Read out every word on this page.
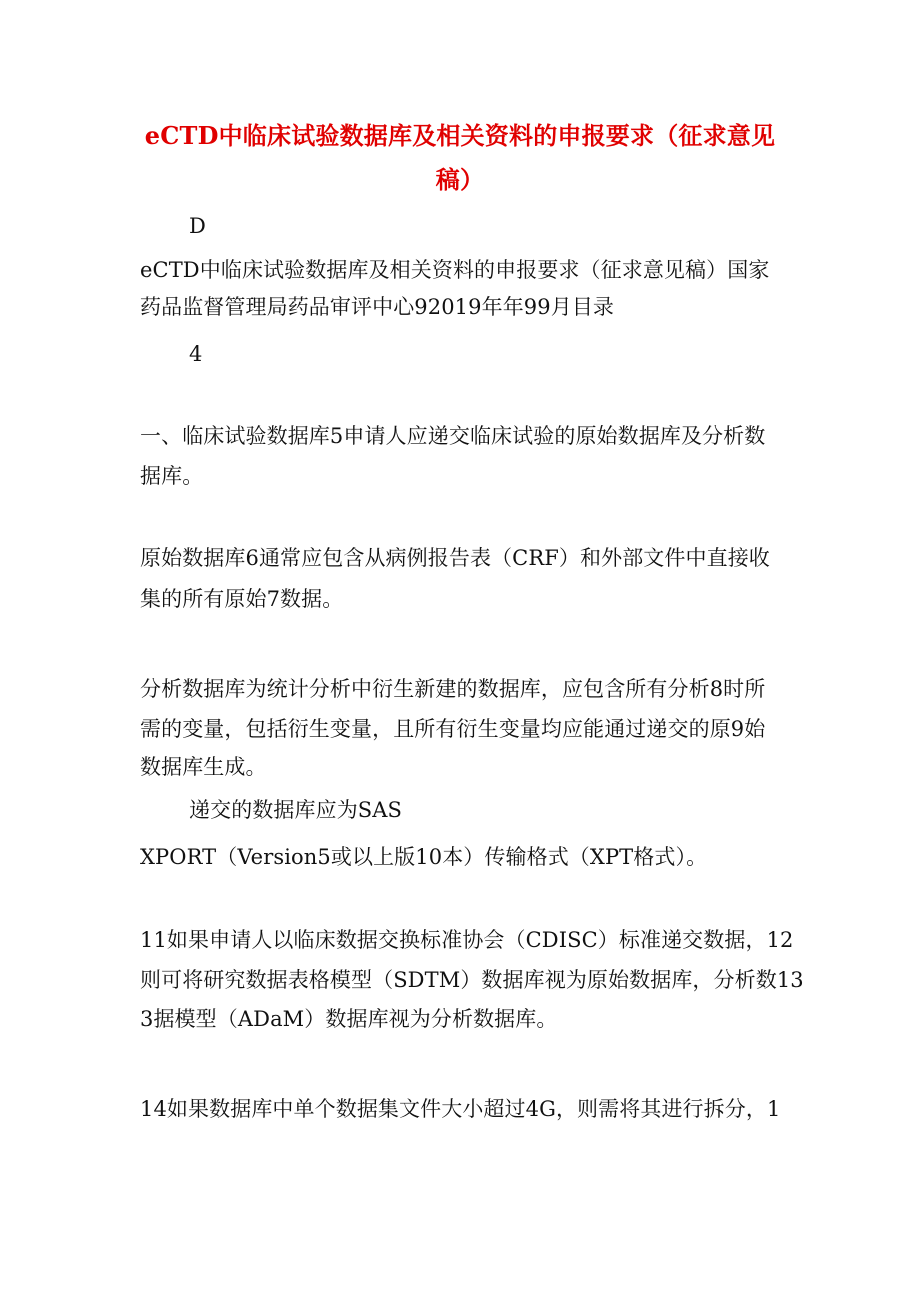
eCTD中临床试验数据库及相关资料的申报要求（征求意见
稿）
D
eCTD中临床试验数据库及相关资料的申报要求（征求意见稿）国家
药品监督管理局药品审评中心92019年年99月目录
4
一、临床试验数据库5申请人应递交临床试验的原始数据库及分析数
据库。
原始数据库6通常应包含从病例报告表（CRF）和外部文件中直接收
集的所有原始7数据。
分析数据库为统计分析中衍生新建的数据库，应包含所有分析8时所
需的变量，包括衍生变量，且所有衍生变量均应能通过递交的原9始
数据库生成。
递交的数据库应为SAS
XPORT（Version5或以上版10本）传输格式（XPT格式）。
11如果申请人以临床数据交换标准协会（CDISC）标准递交数据，12
则可将研究数据表格模型（SDTM）数据库视为原始数据库，分析数13
3据模型（ADaM）数据库视为分析数据库。
14如果数据库中单个数据集文件大小超过4G，则需将其进行拆分，1
